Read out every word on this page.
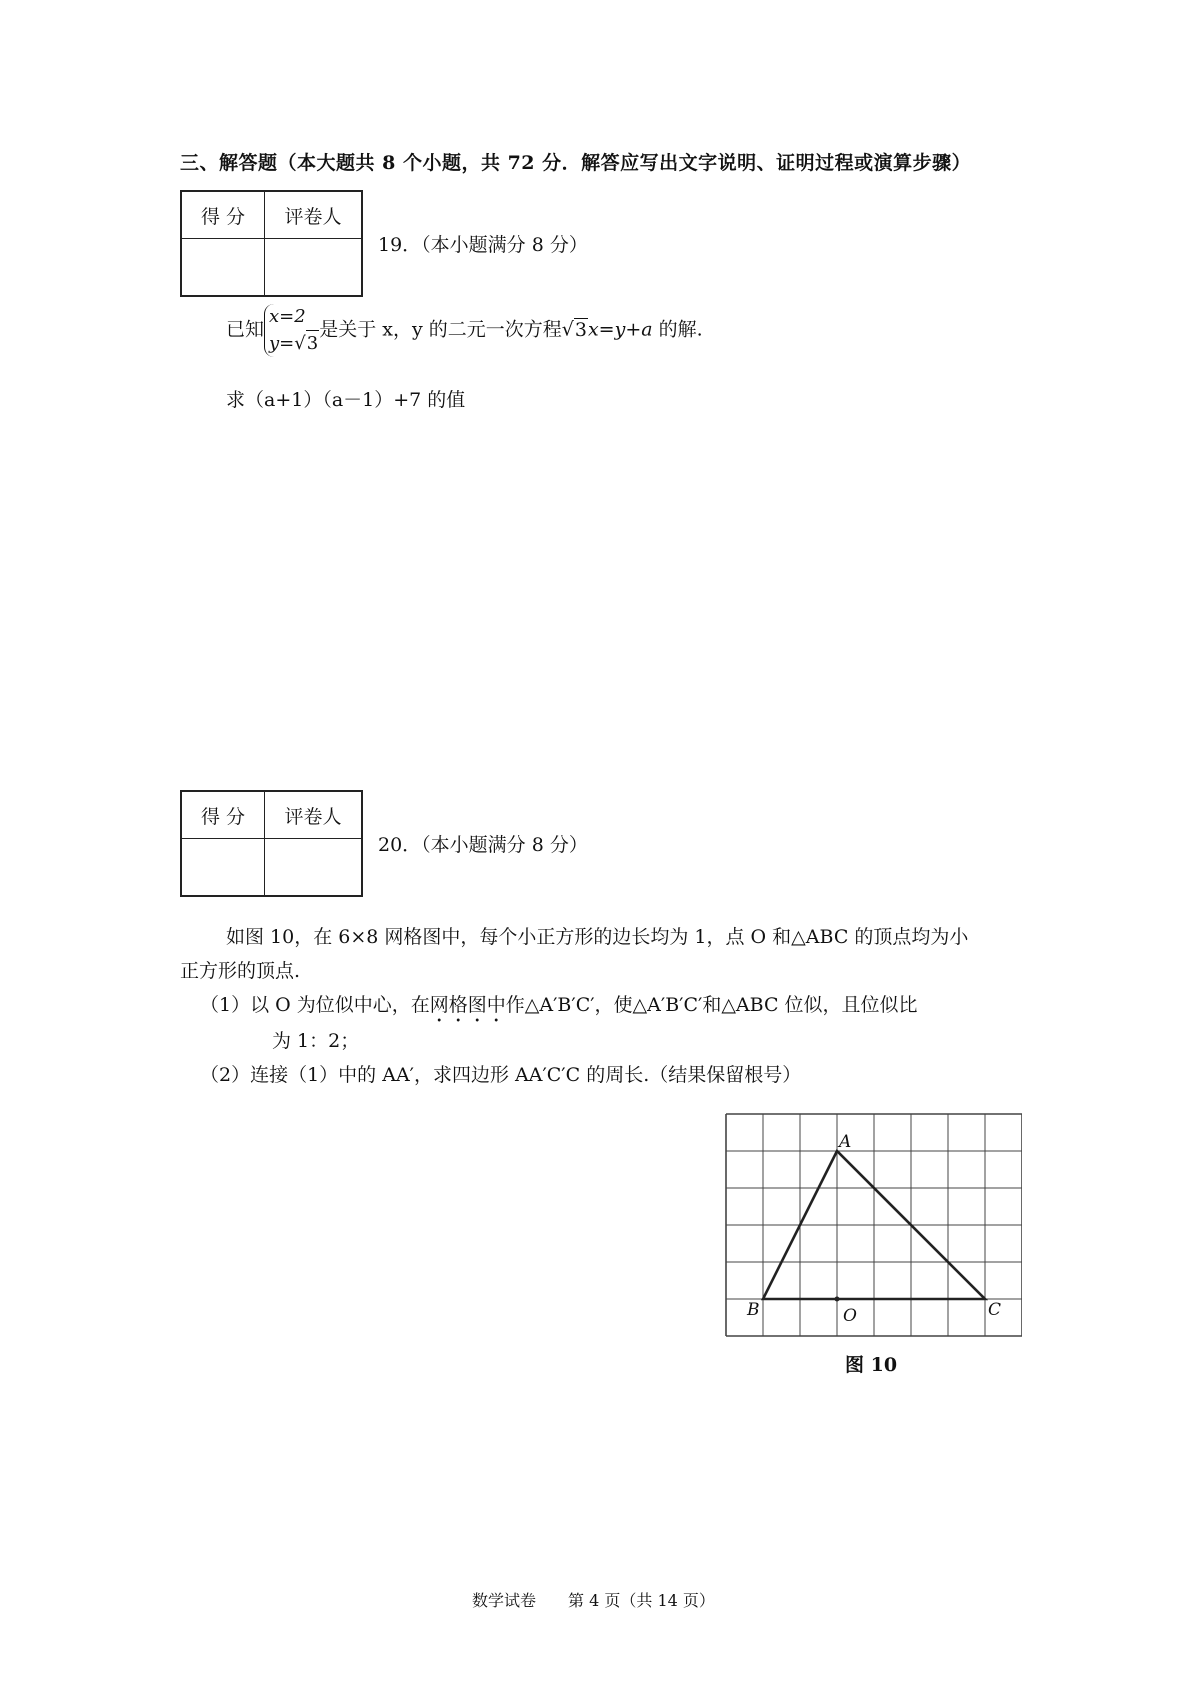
三、解答题（本大题共 8 个小题，共 72 分．解答应写出文字说明、证明过程或演算步骤）
得 分	评卷人

19．（本小题满分 8 分）
已知x=2
y=√3是关于 x，y 的二元一次方程√3x=y+a 的解.
求（a+1）（a－1）+7 的值
得 分	评卷人

20．（本小题满分 8 分）
如图 10，在 6×8 网格图中，每个小正方形的边长均为 1，点 O 和△ABC 的顶点均为小
正方形的顶点.
（1）以 O 为位似中心，在网格图中作△A′B′C′，使△A′B′C′和△ABC 位似，且位似比
为 1：2；
（2）连接（1）中的 AA′，求四边形 AA′C′C 的周长.（结果保留根号）
A
B	C
O
图 10
数学试卷　　第 4 页（共 14 页）
